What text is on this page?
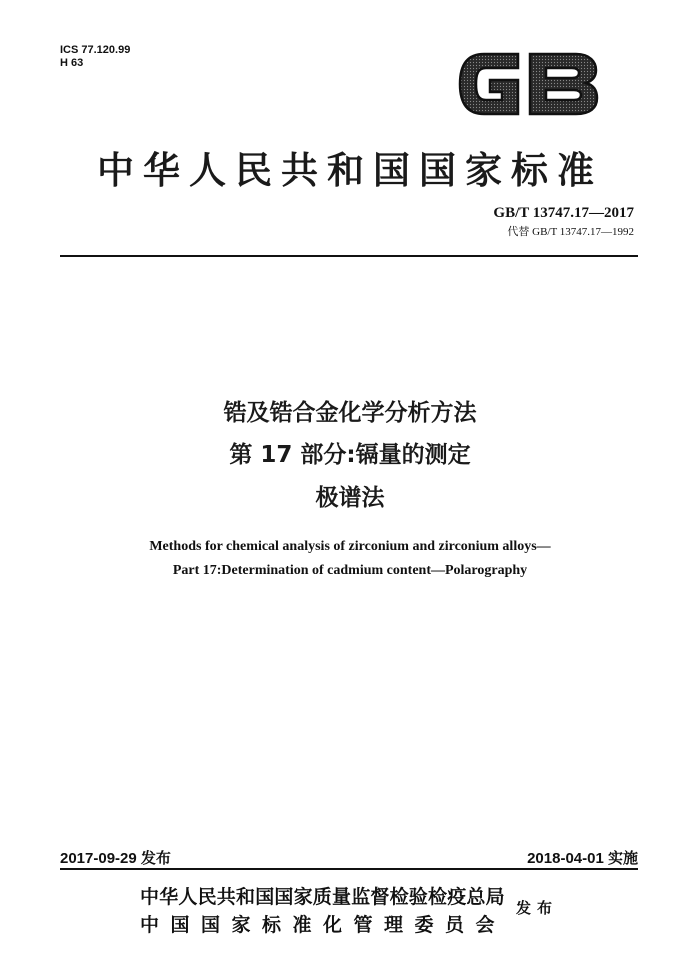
ICS 77.120.99
H 63
中华人民共和国国家标准
GB/T 13747.17—2017
代替 GB/T 13747.17—1992
锆及锆合金化学分析方法
第 17 部分:镉量的测定
极谱法
Methods for chemical analysis of zirconium and zirconium alloys—
Part 17:Determination of cadmium content—Polarography
2017-09-29 发布	2018-04-01 实施
中华人民共和国国家质量监督检验检疫总局
中国国家标准化管理委员会
发布
